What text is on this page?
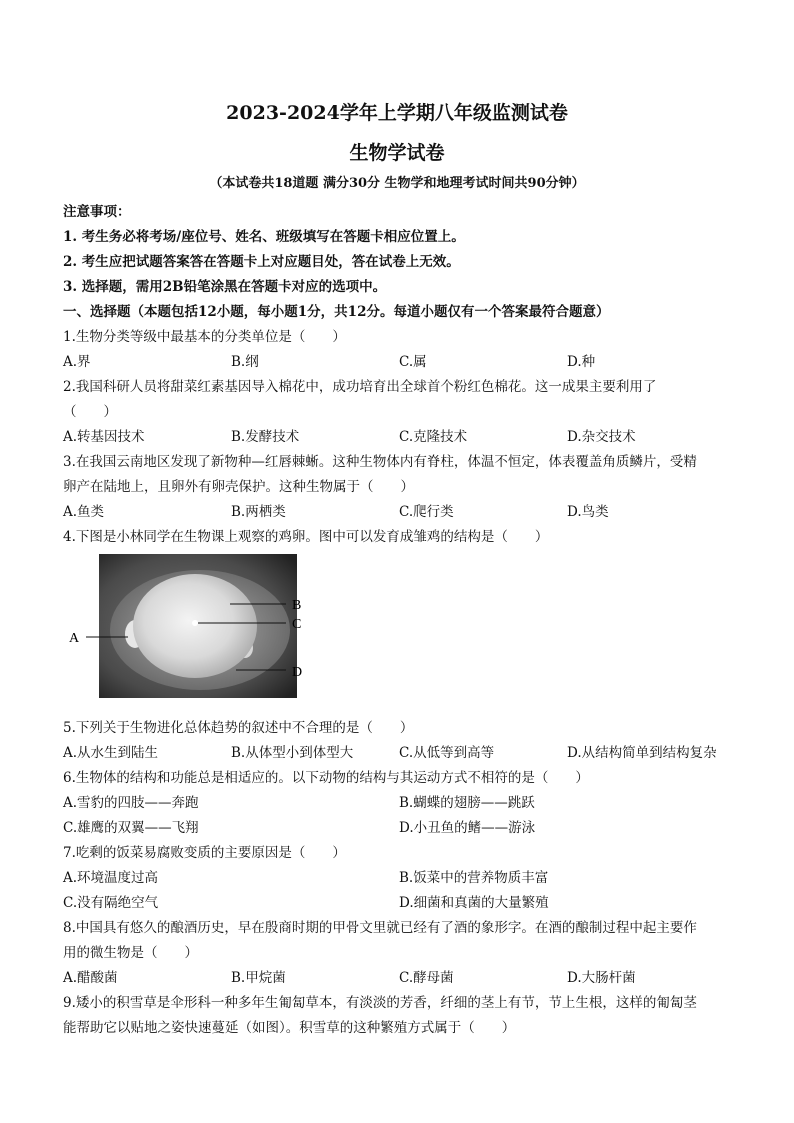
2023-2024学年上学期八年级监测试卷
生物学试卷
（本试卷共18道题 满分30分 生物学和地理考试时间共90分钟）
注意事项：
1. 考生务必将考场/座位号、姓名、班级填写在答题卡相应位置上。
2. 考生应把试题答案答在答题卡上对应题目处，答在试卷上无效。
3. 选择题，需用2B铅笔涂黑在答题卡对应的选项中。
一、选择题（本题包括12小题，每小题1分，共12分。每道小题仅有一个答案最符合题意）
1.生物分类等级中最基本的分类单位是（　　）
A.界	B.纲	C.属	D.种
2.我国科研人员将甜菜红素基因导入棉花中，成功培育出全球首个粉红色棉花。这一成果主要利用了
（　　）
A.转基因技术	B.发酵技术	C.克隆技术	D.杂交技术
3.在我国云南地区发现了新物种—红唇棘蜥。这种生物体内有脊柱，体温不恒定，体表覆盖角质鳞片，受精
卵产在陆地上，且卵外有卵壳保护。这种生物属于（　　）
A.鱼类	B.两栖类	C.爬行类	D.鸟类
4.下图是小林同学在生物课上观察的鸡卵。图中可以发育成雏鸡的结构是（　　）
A
B
C
D
5.下列关于生物进化总体趋势的叙述中不合理的是（　　）
A.从水生到陆生	B.从体型小到体型大	C.从低等到高等	D.从结构简单到结构复杂
6.生物体的结构和功能总是相适应的。以下动物的结构与其运动方式不相符的是（　　）
A.雪豹的四肢——奔跑	B.蝴蝶的翅膀——跳跃
C.雄鹰的双翼——飞翔	D.小丑鱼的鳍——游泳
7.吃剩的饭菜易腐败变质的主要原因是（　　）
A.环境温度过高	B.饭菜中的营养物质丰富
C.没有隔绝空气	D.细菌和真菌的大量繁殖
8.中国具有悠久的酿酒历史，早在殷商时期的甲骨文里就已经有了酒的象形字。在酒的酿制过程中起主要作
用的微生物是（　　）
A.醋酸菌	B.甲烷菌	C.酵母菌	D.大肠杆菌
9.矮小的积雪草是伞形科一种多年生匍匐草本，有淡淡的芳香，纤细的茎上有节，节上生根，这样的匍匐茎
能帮助它以贴地之姿快速蔓延（如图）。积雪草的这种繁殖方式属于（　　）
